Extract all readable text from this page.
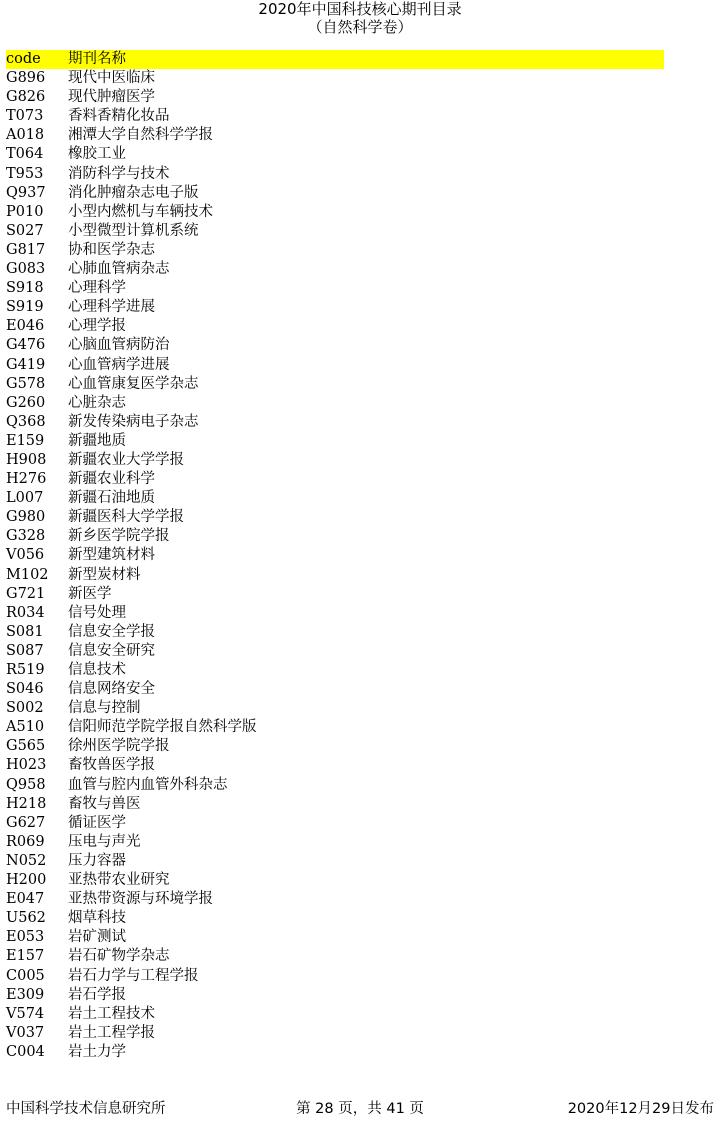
2020年中国科技核心期刊目录
（自然科学卷）
code 期刊名称
G896 现代中医临床
G826 现代肿瘤医学
T073 香料香精化妆品
A018 湘潭大学自然科学学报
T064 橡胶工业
T953 消防科学与技术
Q937 消化肿瘤杂志电子版
P010 小型内燃机与车辆技术
S027 小型微型计算机系统
G817 协和医学杂志
G083 心肺血管病杂志
S918 心理科学
S919 心理科学进展
E046 心理学报
G476 心脑血管病防治
G419 心血管病学进展
G578 心血管康复医学杂志
G260 心脏杂志
Q368 新发传染病电子杂志
E159 新疆地质
H908 新疆农业大学学报
H276 新疆农业科学
L007 新疆石油地质
G980 新疆医科大学学报
G328 新乡医学院学报
V056 新型建筑材料
M102 新型炭材料
G721 新医学
R034 信号处理
S081 信息安全学报
S087 信息安全研究
R519 信息技术
S046 信息网络安全
S002 信息与控制
A510 信阳师范学院学报自然科学版
G565 徐州医学院学报
H023 畜牧兽医学报
Q958 血管与腔内血管外科杂志
H218 畜牧与兽医
G627 循证医学
R069 压电与声光
N052 压力容器
H200 亚热带农业研究
E047 亚热带资源与环境学报
U562 烟草科技
E053 岩矿测试
E157 岩石矿物学杂志
C005 岩石力学与工程学报
E309 岩石学报
V574 岩土工程技术
V037 岩土工程学报
C004 岩土力学
中国科学技术信息研究所	第 28 页，共 41 页	2020年12月29日发布
